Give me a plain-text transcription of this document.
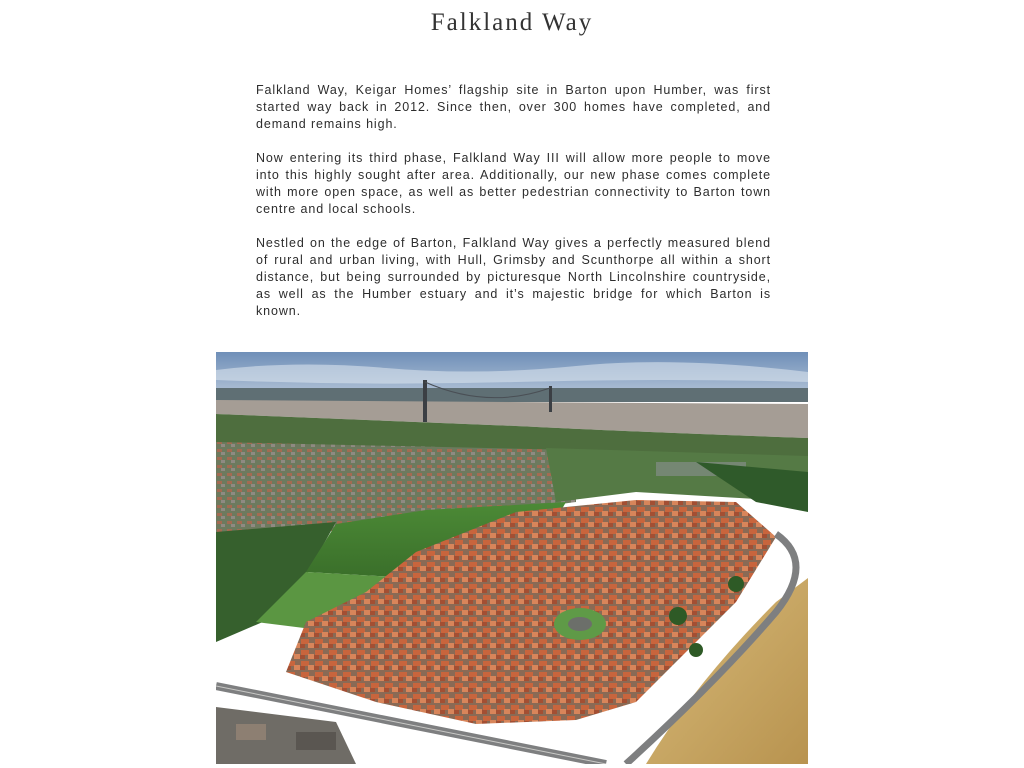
Falkland Way

Falkland Way, Keigar Homes’ flagship site in Barton upon Humber, was first started way back in 2012. Since then, over 300 homes have completed, and demand remains high.

Now entering its third phase, Falkland Way III will allow more people to move into this highly sought after area. Additionally, our new phase comes complete with more open space, as well as better pedestrian connectivity to Barton town centre and local schools.

Nestled on the edge of Barton, Falkland Way gives a perfectly measured blend of rural and urban living, with Hull, Grimsby and Scunthorpe all within a short distance, but being surrounded by picturesque North Lincolnshire countryside, as well as the Humber estuary and it’s majestic bridge for which Barton is known.
